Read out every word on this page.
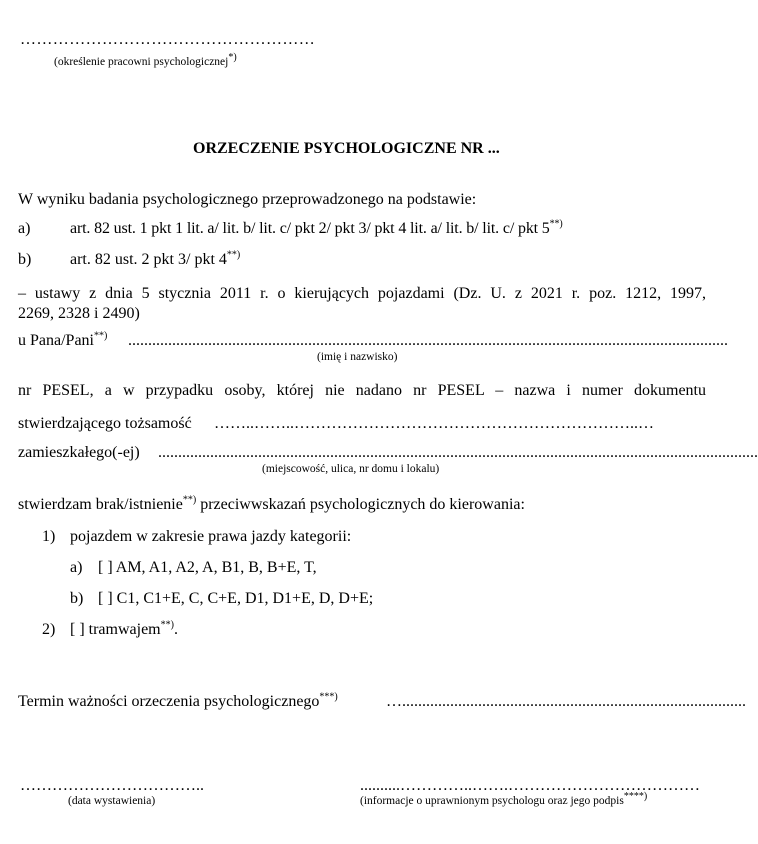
………………………………………………
(określenie pracowni psychologicznej*)
ORZECZENIE PSYCHOLOGICZNE NR ...
W wyniku badania psychologicznego przeprowadzonego na podstawie:
a) art. 82 ust. 1 pkt 1 lit. a/ lit. b/ lit. c/ pkt 2/ pkt 3/ pkt 4 lit. a/ lit. b/ lit. c/ pkt 5**)
b) art. 82 ust. 2 pkt 3/ pkt 4**)
– ustawy z dnia 5 stycznia 2011 r. o kierujących pojazdami (Dz. U. z 2021 r. poz. 1212, 1997,
2269, 2328 i 2490)
u Pana/Pani**) ......................................................................................................................................................
(imię i nazwisko)
nr PESEL, a w przypadku osoby, której nie nadano nr PESEL – nazwa i numer dokumentu
stwierdzającego tożsamość ……..……..………………………………………………………..…
zamieszkałego(-ej) ......................................................................................................................................................
(miejscowość, ulica, nr domu i lokalu)
stwierdzam brak/istnienie**) przeciwwskazań psychologicznych do kierowania:
1) pojazdem w zakresie prawa jazdy kategorii:
a) [ ] AM, A1, A2, A, B1, B, B+E, T,
b) [ ] C1, C1+E, C, C+E, D1, D1+E, D, D+E;
2) [ ] tramwajem**).
Termin ważności orzeczenia psychologicznego***)	…......................................................................................
……………………………..
(data wystawienia)
..........…………..…….………………………………
(informacje o uprawnionym psychologu oraz jego podpis****)
